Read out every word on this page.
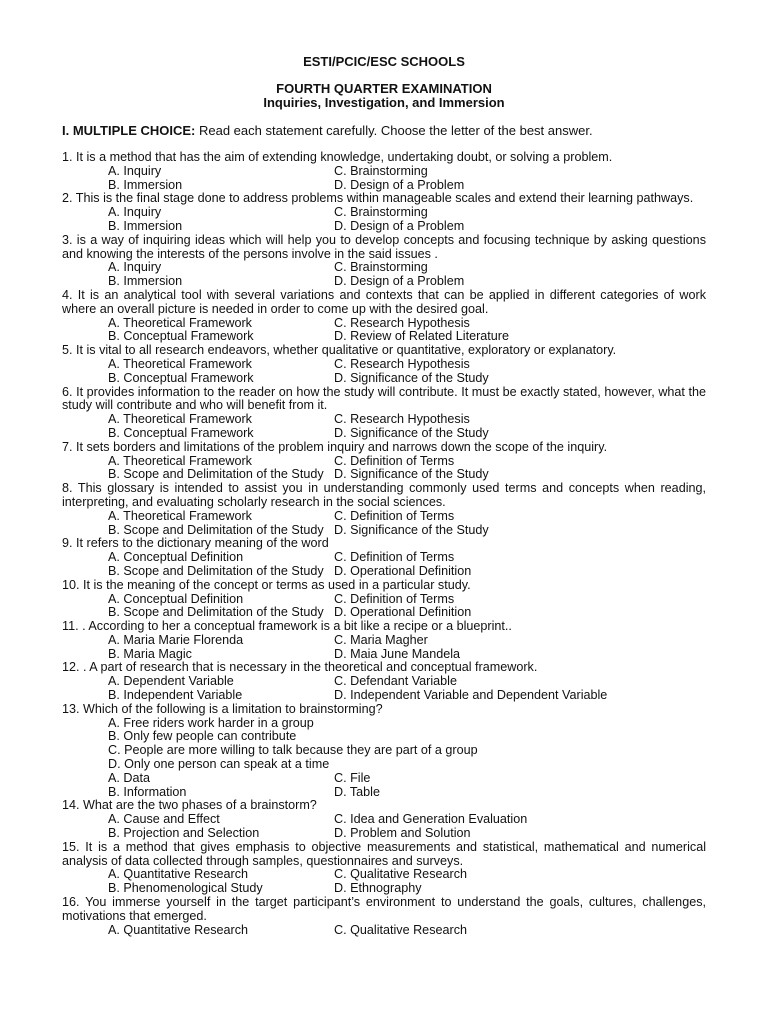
ESTI/PCIC/ESC SCHOOLS
FOURTH QUARTER EXAMINATION
Inquiries, Investigation, and Immersion
I. MULTIPLE CHOICE: Read each statement carefully. Choose the letter of the best answer.
1. It is a method that has the aim of extending knowledge, undertaking doubt, or solving a problem.
A. Inquiry	C. Brainstorming
B. Immersion	D. Design of a Problem
2. This is the final stage done to address problems within manageable scales and extend their learning pathways.
A. Inquiry	C. Brainstorming
B. Immersion	D. Design of a Problem
3. is a way of inquiring ideas which will help you to develop concepts and focusing technique by asking questions and knowing the interests of the persons involve in the said issues .
A. Inquiry	C. Brainstorming
B. Immersion	D. Design of a Problem
4. It is an analytical tool with several variations and contexts that can be applied in different categories of work where an overall picture is needed in order to come up with the desired goal.
A. Theoretical Framework	C. Research Hypothesis
B. Conceptual Framework	D. Review of Related Literature
5. It is vital to all research endeavors, whether qualitative or quantitative, exploratory or explanatory.
A. Theoretical Framework	C. Research Hypothesis
B. Conceptual Framework	D. Significance of the Study
6. It provides information to the reader on how the study will contribute. It must be exactly stated, however, what the study will contribute and who will benefit from it.
A. Theoretical Framework	C. Research Hypothesis
B. Conceptual Framework	D. Significance of the Study
7. It sets borders and limitations of the problem inquiry and narrows down the scope of the inquiry.
A. Theoretical Framework	C. Definition of Terms
B. Scope and Delimitation of the Study D. Significance of the Study
8. This glossary is intended to assist you in understanding commonly used terms and concepts when reading, interpreting, and evaluating scholarly research in the social sciences.
A. Theoretical Framework	C. Definition of Terms
B. Scope and Delimitation of the Study D. Significance of the Study
9. It refers to the dictionary meaning of the word
A. Conceptual Definition	C. Definition of Terms
B. Scope and Delimitation of the Study D. Operational Definition
10. It is the meaning of the concept or terms as used in a particular study.
A. Conceptual Definition	C. Definition of Terms
B. Scope and Delimitation of the Study D. Operational Definition
11. . According to her a conceptual framework is a bit like a recipe or a blueprint..
A. Maria Marie Florenda	C. Maria Magher
B. Maria Magic	D. Maia June Mandela
12. . A part of research that is necessary in the theoretical and conceptual framework.
A. Dependent Variable	C. Defendant Variable
B. Independent Variable	D. Independent Variable and Dependent Variable
13. Which of the following is a limitation to brainstorming?
A. Free riders work harder in a group
B. Only few people can contribute
C. People are more willing to talk because they are part of a group
D. Only one person can speak at a time
A. Data	C. File
B. Information	D. Table
14. What are the two phases of a brainstorm?
A. Cause and Effect	C. Idea and Generation Evaluation
B. Projection and Selection	D. Problem and Solution
15. It is a method that gives emphasis to objective measurements and statistical, mathematical and numerical analysis of data collected through samples, questionnaires and surveys.
A. Quantitative Research	C. Qualitative Research
B. Phenomenological Study	D. Ethnography
16. You immerse yourself in the target participant’s environment to understand the goals, cultures, challenges, motivations that emerged.
A. Quantitative Research	C. Qualitative Research
